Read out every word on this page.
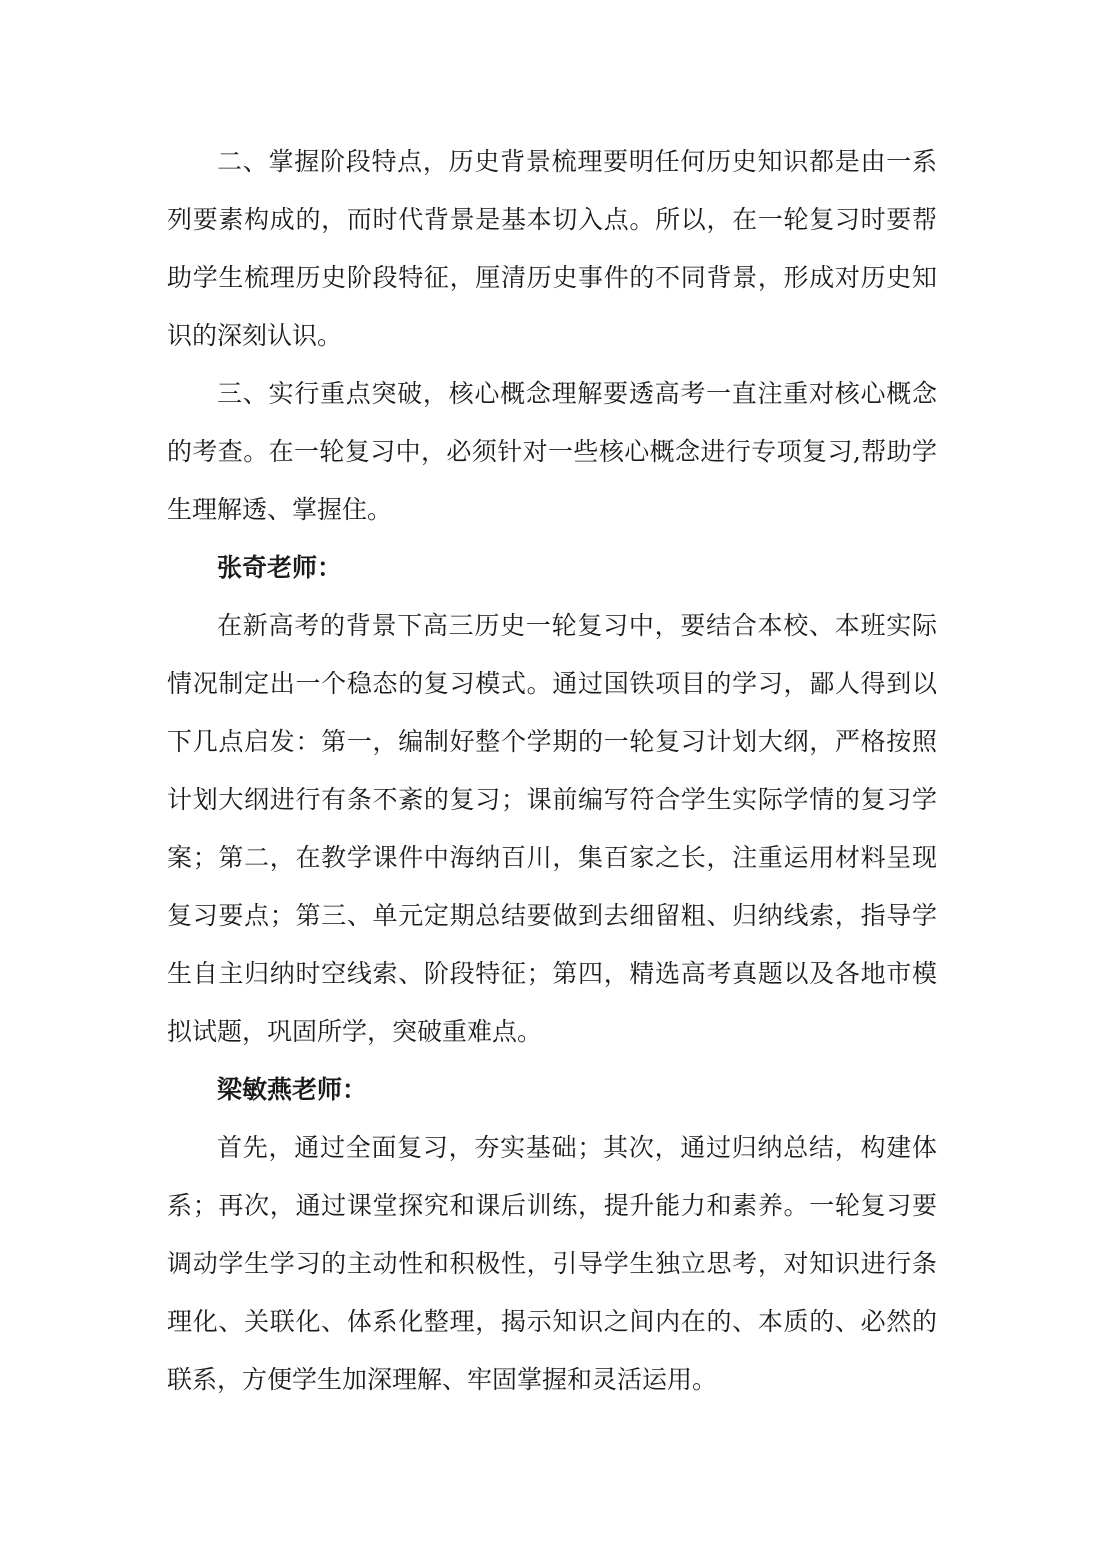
二、掌握阶段特点，历史背景梳理要明任何历史知识都是由一系列要素构成的，而时代背景是基本切入点。所以，在一轮复习时要帮助学生梳理历史阶段特征，厘清历史事件的不同背景，形成对历史知识的深刻认识。

三、实行重点突破，核心概念理解要透高考一直注重对核心概念的考查。在一轮复习中，必须针对一些核心概念进行专项复习,帮助学生理解透、掌握住。

张奇老师：

在新高考的背景下高三历史一轮复习中，要结合本校、本班实际情况制定出一个稳态的复习模式。通过国铁项目的学习，鄙人得到以下几点启发：第一，编制好整个学期的一轮复习计划大纲，严格按照计划大纲进行有条不紊的复习；课前编写符合学生实际学情的复习学案；第二，在教学课件中海纳百川，集百家之长，注重运用材料呈现复习要点；第三、单元定期总结要做到去细留粗、归纳线索，指导学生自主归纳时空线索、阶段特征；第四，精选高考真题以及各地市模拟试题，巩固所学，突破重难点。

梁敏燕老师：

首先，通过全面复习，夯实基础；其次，通过归纳总结，构建体系；再次，通过课堂探究和课后训练，提升能力和素养。一轮复习要调动学生学习的主动性和积极性，引导学生独立思考，对知识进行条理化、关联化、体系化整理，揭示知识之间内在的、本质的、必然的联系，方便学生加深理解、牢固掌握和灵活运用。
